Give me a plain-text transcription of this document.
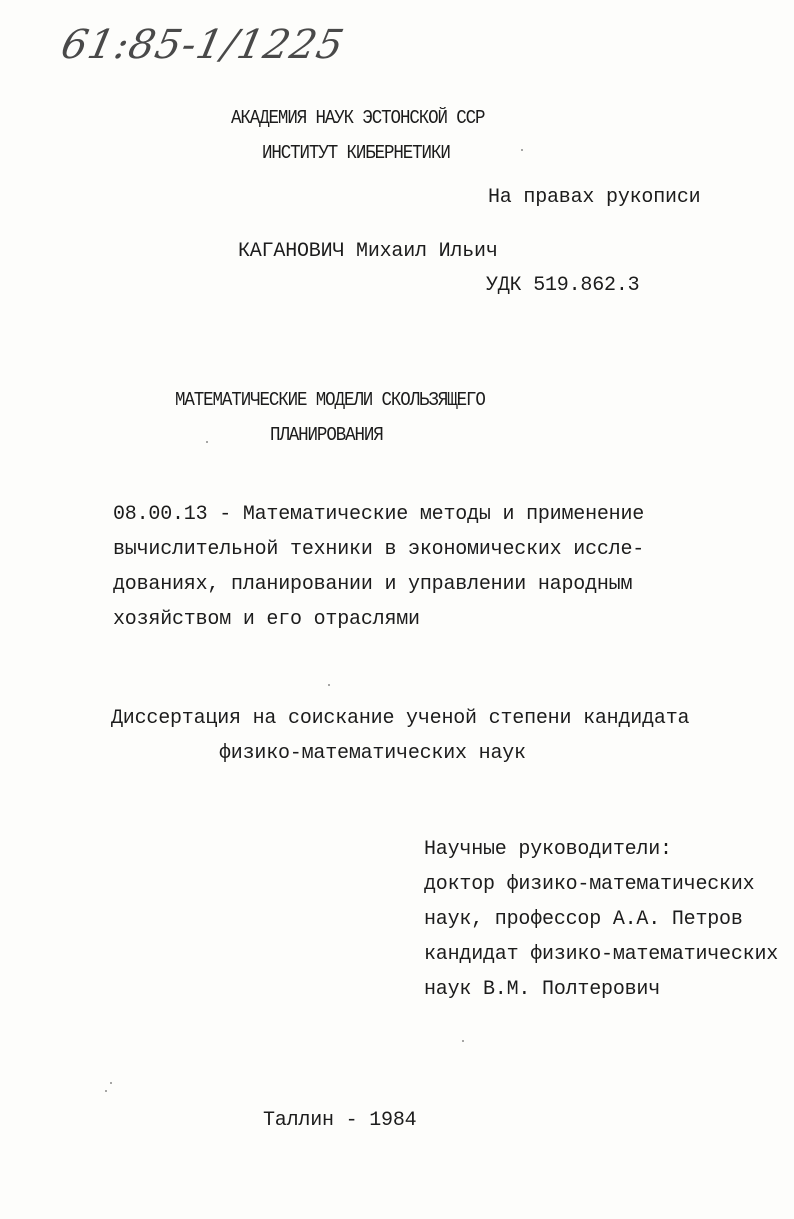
61:85-1/1225
АКАДЕМИЯ НАУК ЭСТОНСКОЙ ССР
ИНСТИТУТ КИБЕРНЕТИКИ
На правах рукописи
КАГАНОВИЧ Михаил Ильич
УДК 519.862.3
МАТЕМАТИЧЕСКИЕ МОДЕЛИ СКОЛЬЗЯЩЕГО
ПЛАНИРОВАНИЯ
08.00.13 - Математические методы и применение
вычислительной техники в экономических иссле-
дованиях, планировании и управлении народным
хозяйством и его отраслями
Диссертация на соискание ученой степени кандидата
физико-математических наук
Научные руководители:
доктор физико-математических
наук, профессор А.А. Петров
кандидат физико-математических
наук В.М. Полтерович
Таллин - 1984
